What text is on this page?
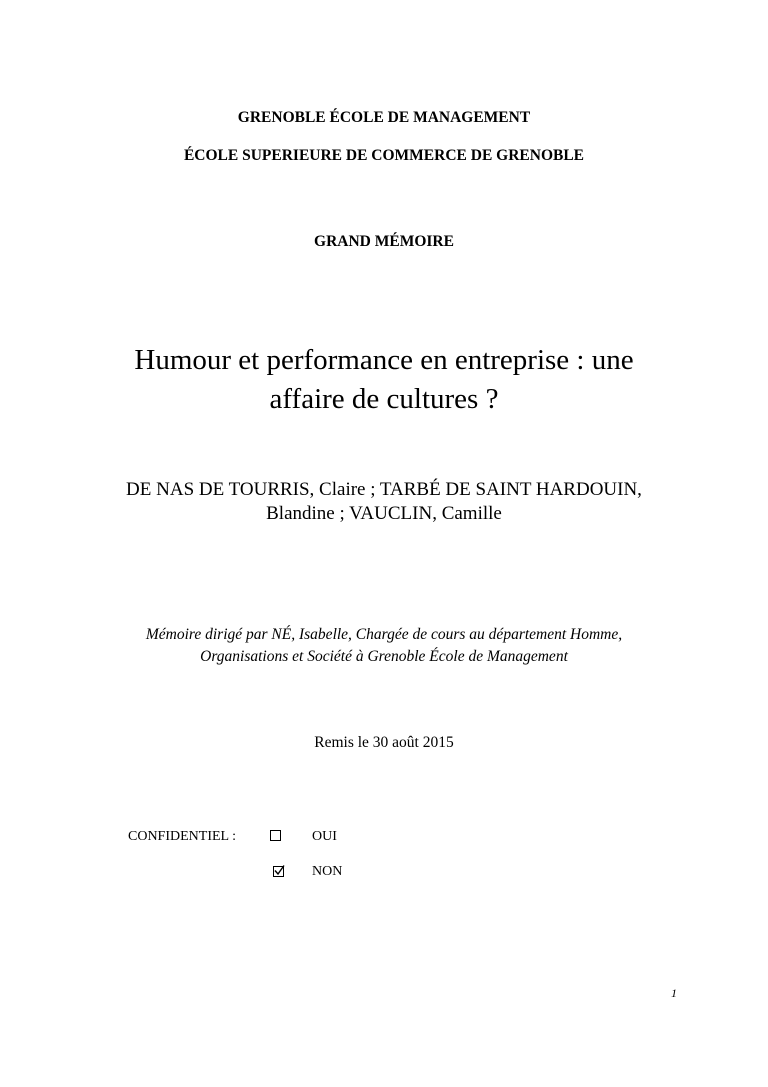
GRENOBLE ÉCOLE DE MANAGEMENT
ÉCOLE SUPERIEURE DE COMMERCE DE GRENOBLE
GRAND MÉMOIRE
Humour et performance en entreprise : une
affaire de cultures ?
DE NAS DE TOURRIS, Claire ; TARBÉ DE SAINT HARDOUIN,
Blandine ; VAUCLIN, Camille
Mémoire dirigé par NÉ, Isabelle, Chargée de cours au département Homme,
Organisations et Société à Grenoble École de Management
Remis le 30 août 2015
CONFIDENTIEL :	OUI
NON
1
